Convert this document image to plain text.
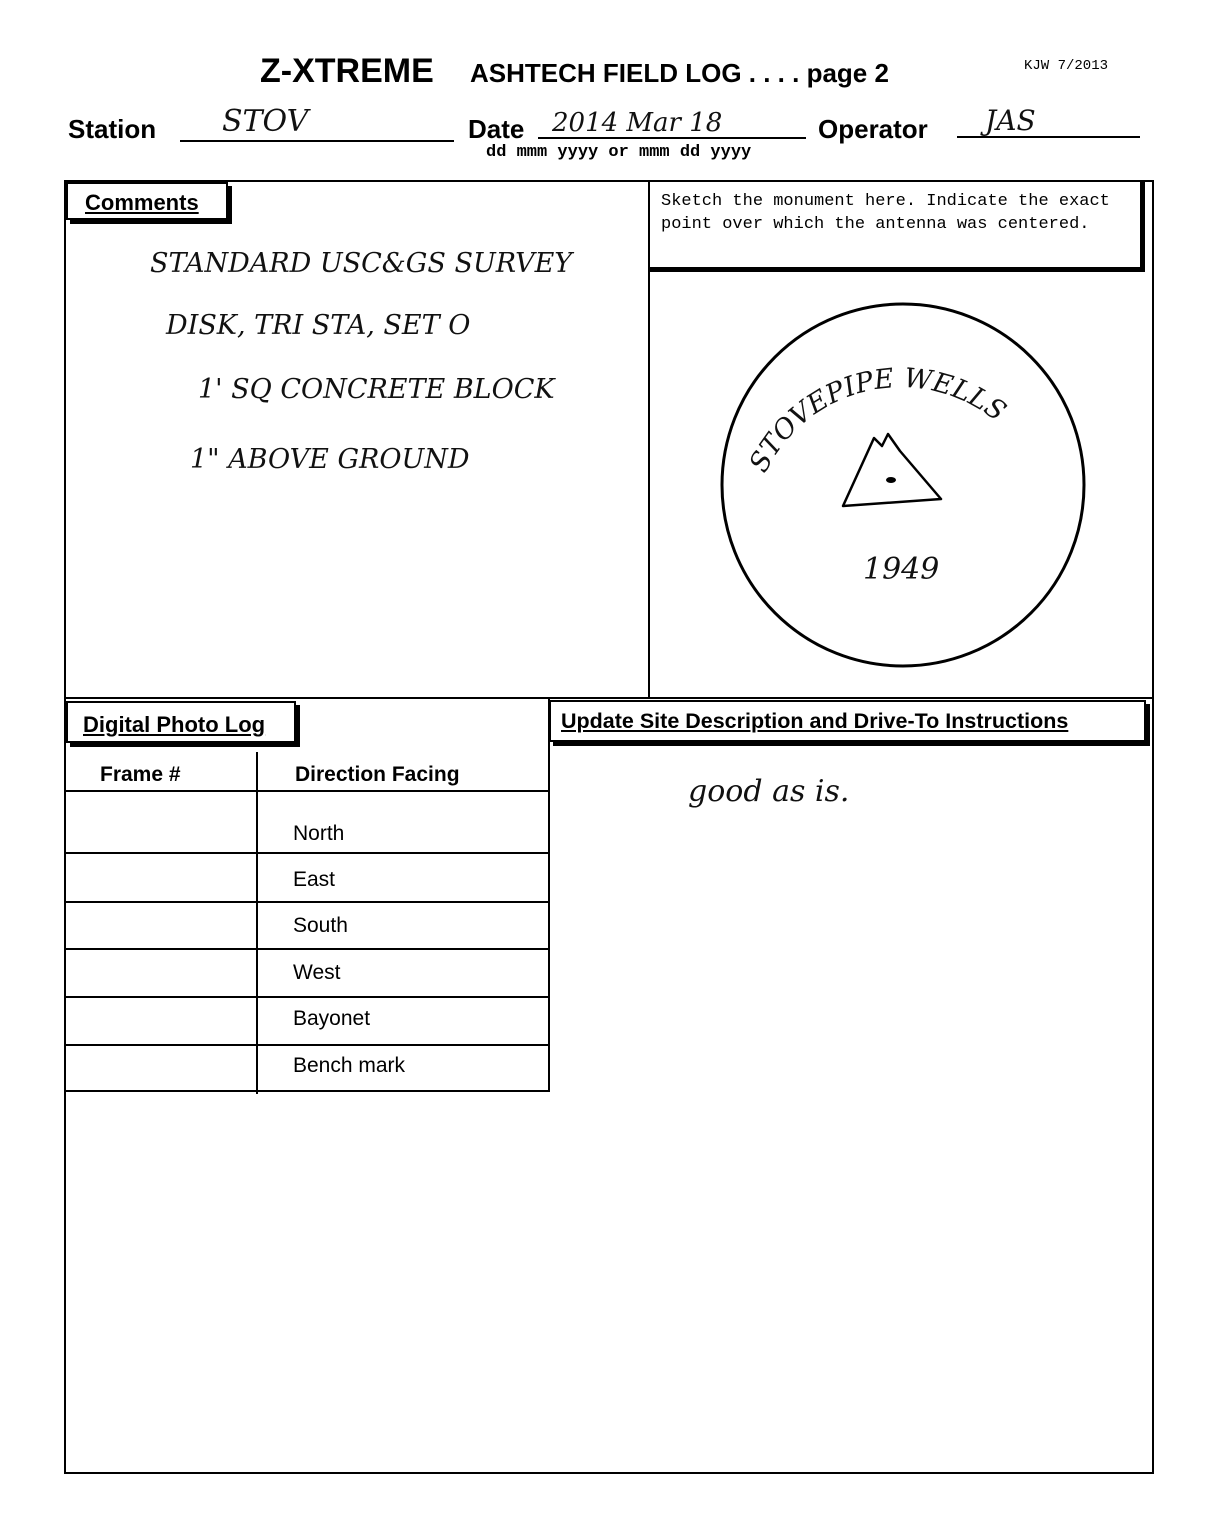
Z-XTREME ASHTECH FIELD LOG . . . . page 2	KJW 7/2013
Station STOV	Date 2014 Mar 18
dd mmm yyyy or mmm dd yyyy
Operator JAS
Comments
STANDARD USC&GS SURVEY
DISK, TRI STA, SET O
1' SQ CONCRETE BLOCK
1" ABOVE GROUND
Sketch the monument here. Indicate the exact point over which the antenna was centered.
STOVEPIPE WELLS
1949
Digital Photo Log
Frame #	Direction Facing
North
East
South
West
Bayonet
Bench mark
Update Site Description and Drive-To Instructions
good as is.
